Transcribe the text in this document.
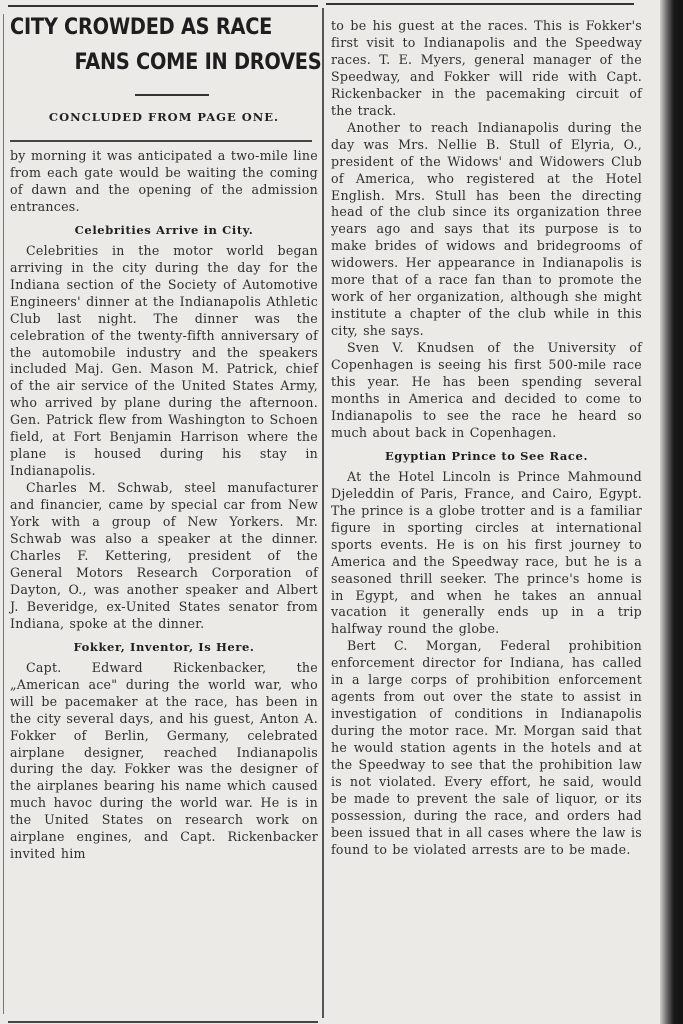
CITY CROWDED AS RACE
FANS COME IN DROVES
CONCLUDED FROM PAGE ONE.

by morning it was anticipated a two-mile line from each gate would be waiting the coming of dawn and the opening of the admission entrances.

Celebrities Arrive in City.

Celebrities in the motor world began arriving in the city during the day for the Indiana section of the Society of Automotive Engineers' dinner at the Indianapolis Athletic Club last night. The dinner was the celebration of the twenty-fifth anniversary of the automobile industry and the speakers included Maj. Gen. Mason M. Patrick, chief of the air service of the United States Army, who arrived by plane during the afternoon. Gen. Patrick flew from Washington to Schoen field, at Fort Benjamin Harrison where the plane is housed during his stay in Indianapolis.

Charles M. Schwab, steel manufacturer and financier, came by special car from New York with a group of New Yorkers. Mr. Schwab was also a speaker at the dinner. Charles F. Kettering, president of the General Motors Research Corporation of Dayton, O., was another speaker and Albert J. Beveridge, ex-United States senator from Indiana, spoke at the dinner.

Fokker, Inventor, Is Here.

Capt. Edward Rickenbacker, the „American ace" during the world war, who will be pacemaker at the race, has been in the city several days, and his guest, Anton A. Fokker of Berlin, Germany, celebrated airplane designer, reached Indianapolis during the day. Fokker was the designer of the airplanes bearing his name which caused much havoc during the world war. He is in the United States on research work on airplane engines, and Capt. Rickenbacker invited him

to be his guest at the races. This is Fokker's first visit to Indianapolis and the Speedway races. T. E. Myers, general manager of the Speedway, and Fokker will ride with Capt. Rickenbacker in the pacemaking circuit of the track.

Another to reach Indianapolis during the day was Mrs. Nellie B. Stull of Elyria, O., president of the Widows' and Widowers Club of America, who registered at the Hotel English. Mrs. Stull has been the directing head of the club since its organization three years ago and says that its purpose is to make brides of widows and bridegrooms of widowers. Her appearance in Indianapolis is more that of a race fan than to promote the work of her organization, although she might institute a chapter of the club while in this city, she says.

Sven V. Knudsen of the University of Copenhagen is seeing his first 500-mile race this year. He has been spending several months in America and decided to come to Indianapolis to see the race he heard so much about back in Copenhagen.

Egyptian Prince to See Race.

At the Hotel Lincoln is Prince Mahmound Djeleddin of Paris, France, and Cairo, Egypt. The prince is a globe trotter and is a familiar figure in sporting circles at international sports events. He is on his first journey to America and the Speedway race, but he is a seasoned thrill seeker. The prince's home is in Egypt, and when he takes an annual vacation it generally ends up in a trip halfway round the globe.

Bert C. Morgan, Federal prohibition enforcement director for Indiana, has called in a large corps of prohibition enforcement agents from out over the state to assist in investigation of conditions in Indianapolis during the motor race. Mr. Morgan said that he would station agents in the hotels and at the Speedway to see that the prohibition law is not violated. Every effort, he said, would be made to prevent the sale of liquor, or its possession, during the race, and orders had been issued that in all cases where the law is found to be violated arrests are to be made.
